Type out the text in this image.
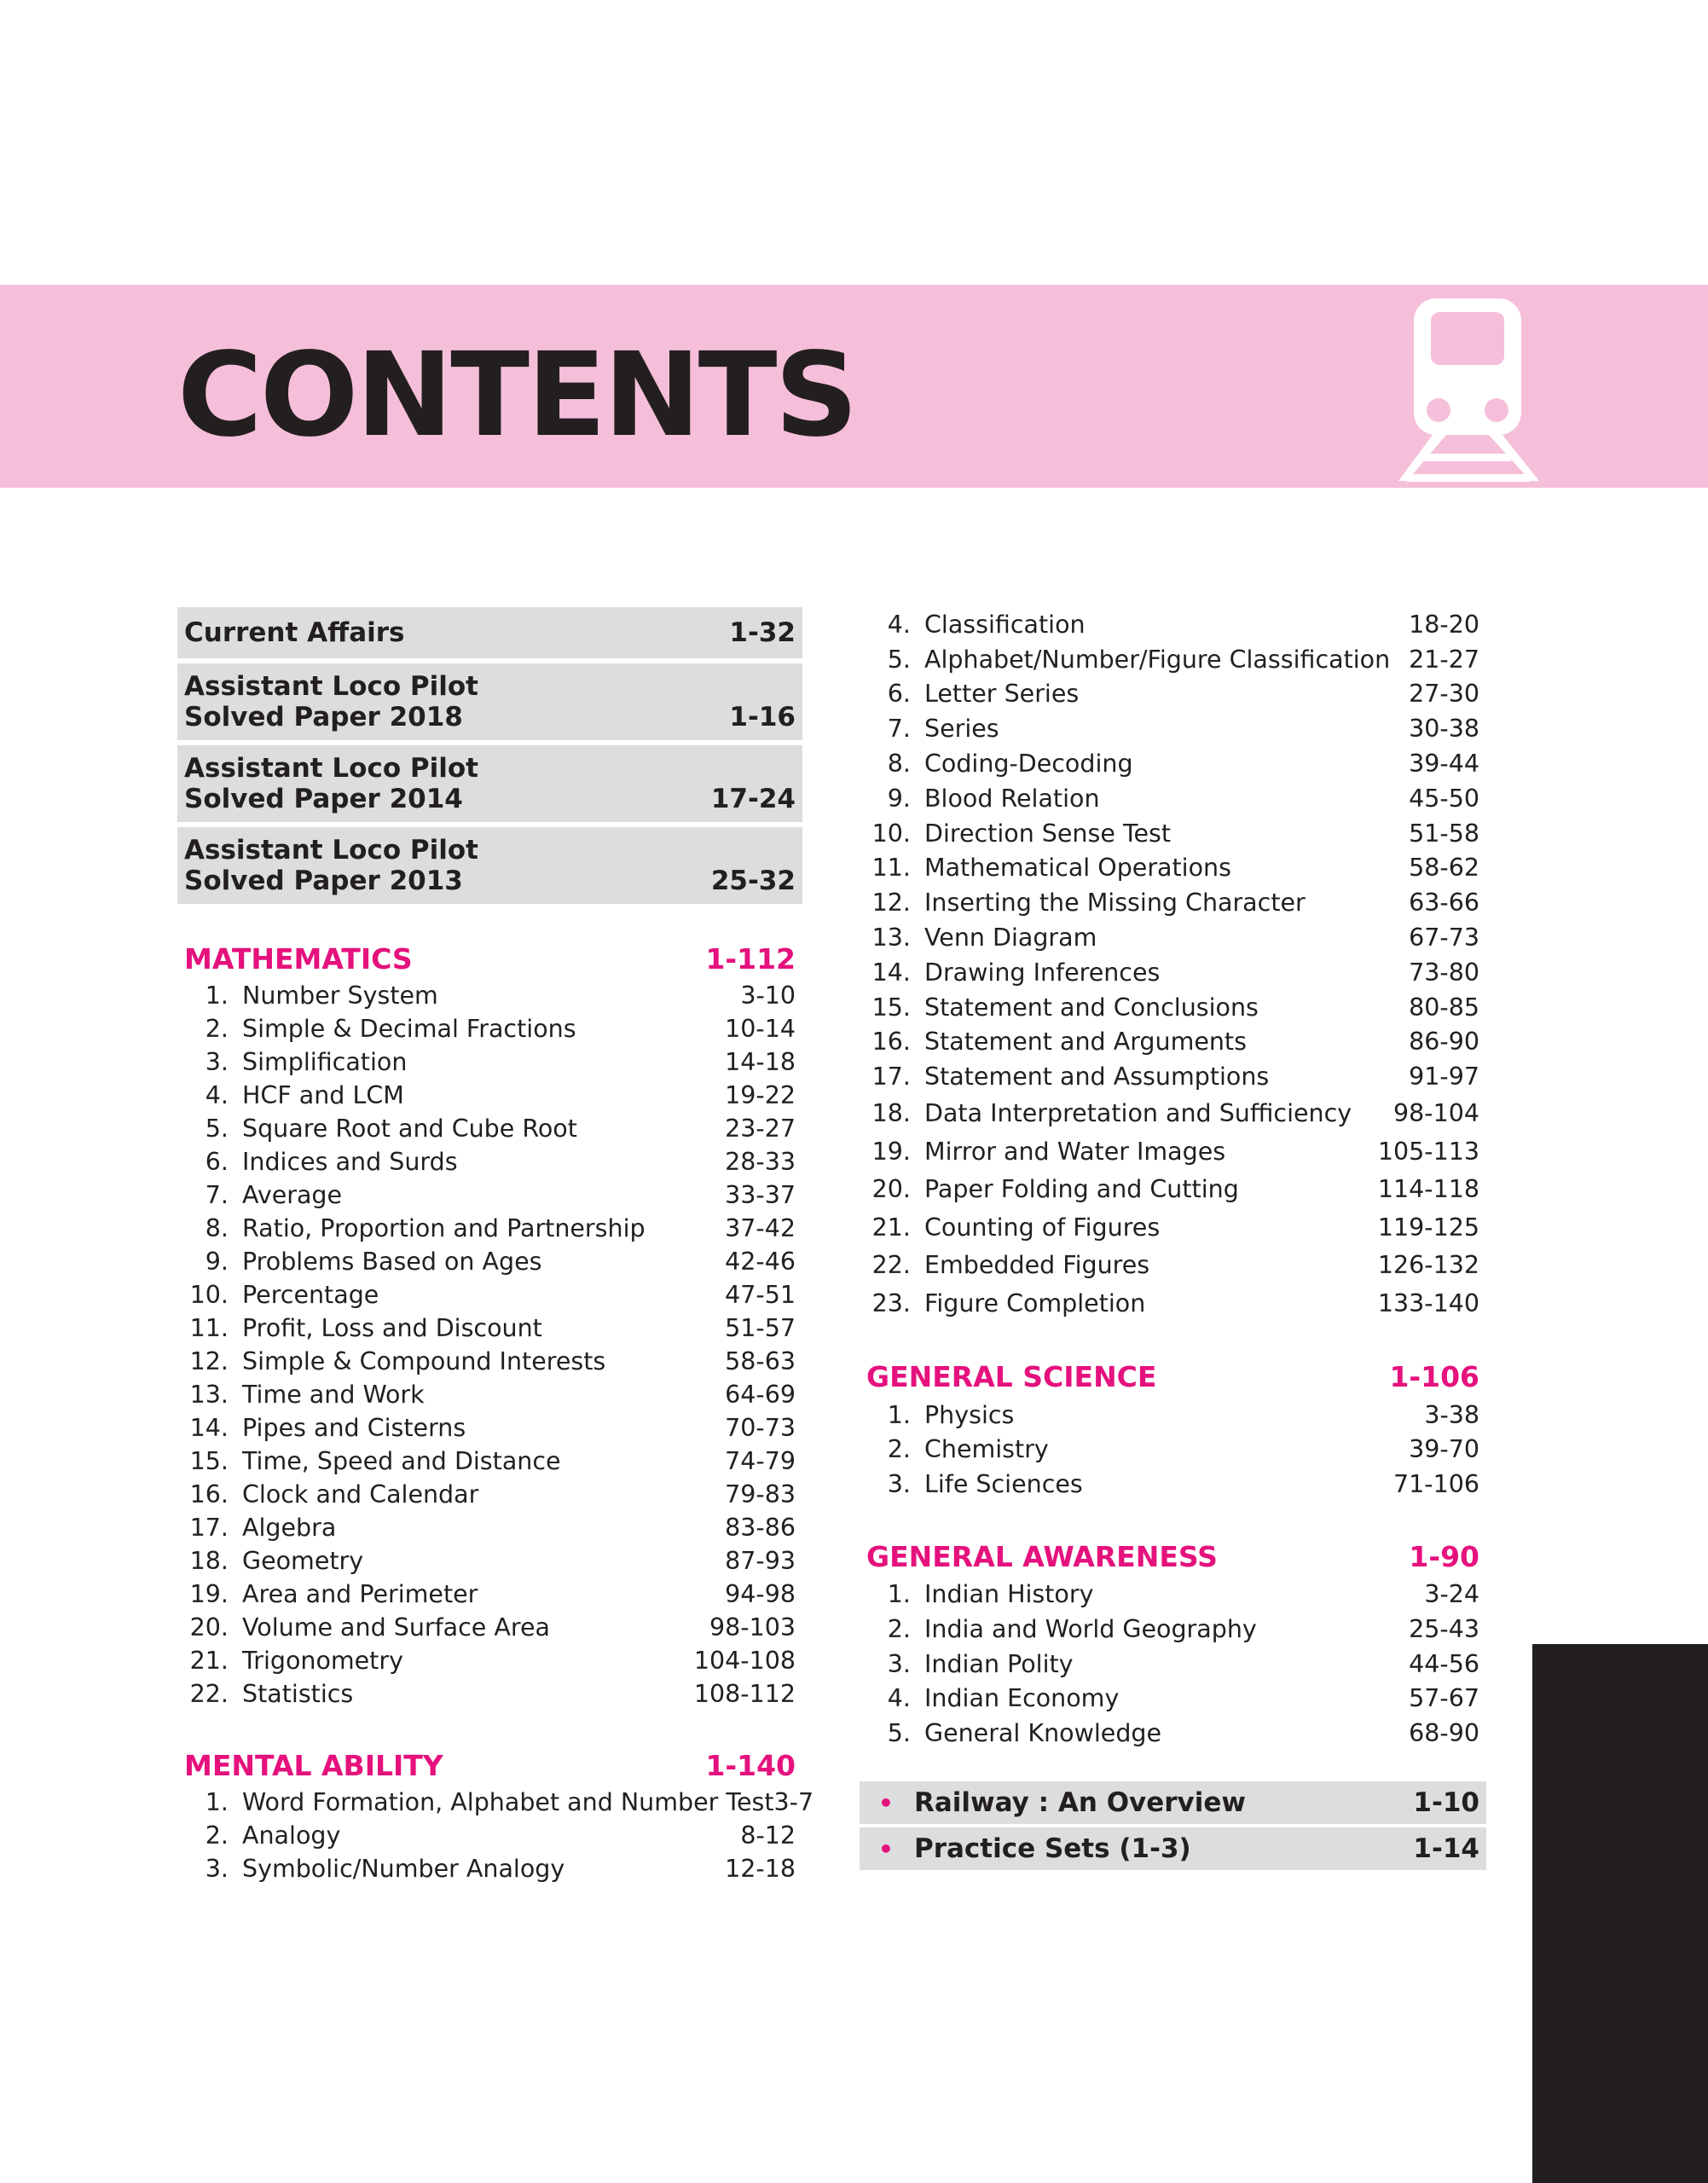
CONTENTS
Current Affairs	1-32
Assistant Loco Pilot
Solved Paper 2018	1-16
Assistant Loco Pilot
Solved Paper 2014	17-24
Assistant Loco Pilot
Solved Paper 2013	25-32
MATHEMATICS	1-112
1. Number System	3-10
2. Simple & Decimal Fractions	10-14
3. Simplification	14-18
4. HCF and LCM	19-22
5. Square Root and Cube Root	23-27
6. Indices and Surds	28-33
7. Average	33-37
8. Ratio, Proportion and Partnership	37-42
9. Problems Based on Ages	42-46
10. Percentage	47-51
11. Profit, Loss and Discount	51-57
12. Simple & Compound Interests	58-63
13. Time and Work	64-69
14. Pipes and Cisterns	70-73
15. Time, Speed and Distance	74-79
16. Clock and Calendar	79-83
17. Algebra	83-86
18. Geometry	87-93
19. Area and Perimeter	94-98
20. Volume and Surface Area	98-103
21. Trigonometry	104-108
22. Statistics	108-112
MENTAL ABILITY	1-140
1. Word Formation, Alphabet and Number Test 3-7
2. Analogy	8-12
3. Symbolic/Number Analogy	12-18
4. Classification	18-20
5. Alphabet/Number/Figure Classification 21-27
6. Letter Series	27-30
7. Series	30-38
8. Coding-Decoding	39-44
9. Blood Relation	45-50
10. Direction Sense Test	51-58
11. Mathematical Operations	58-62
12. Inserting the Missing Character	63-66
13. Venn Diagram	67-73
14. Drawing Inferences	73-80
15. Statement and Conclusions	80-85
16. Statement and Arguments	86-90
17. Statement and Assumptions	91-97
18. Data Interpretation and Sufficiency	98-104
19. Mirror and Water Images	105-113
20. Paper Folding and Cutting	114-118
21. Counting of Figures	119-125
22. Embedded Figures	126-132
23. Figure Completion	133-140
GENERAL SCIENCE	1-106
1. Physics	3-38
2. Chemistry	39-70
3. Life Sciences	71-106
GENERAL AWARENESS	1-90
1. Indian History	3-24
2. India and World Geography	25-43
3. Indian Polity	44-56
4. Indian Economy	57-67
5. General Knowledge	68-90
• Railway : An Overview	1-10
• Practice Sets (1-3)	1-14
